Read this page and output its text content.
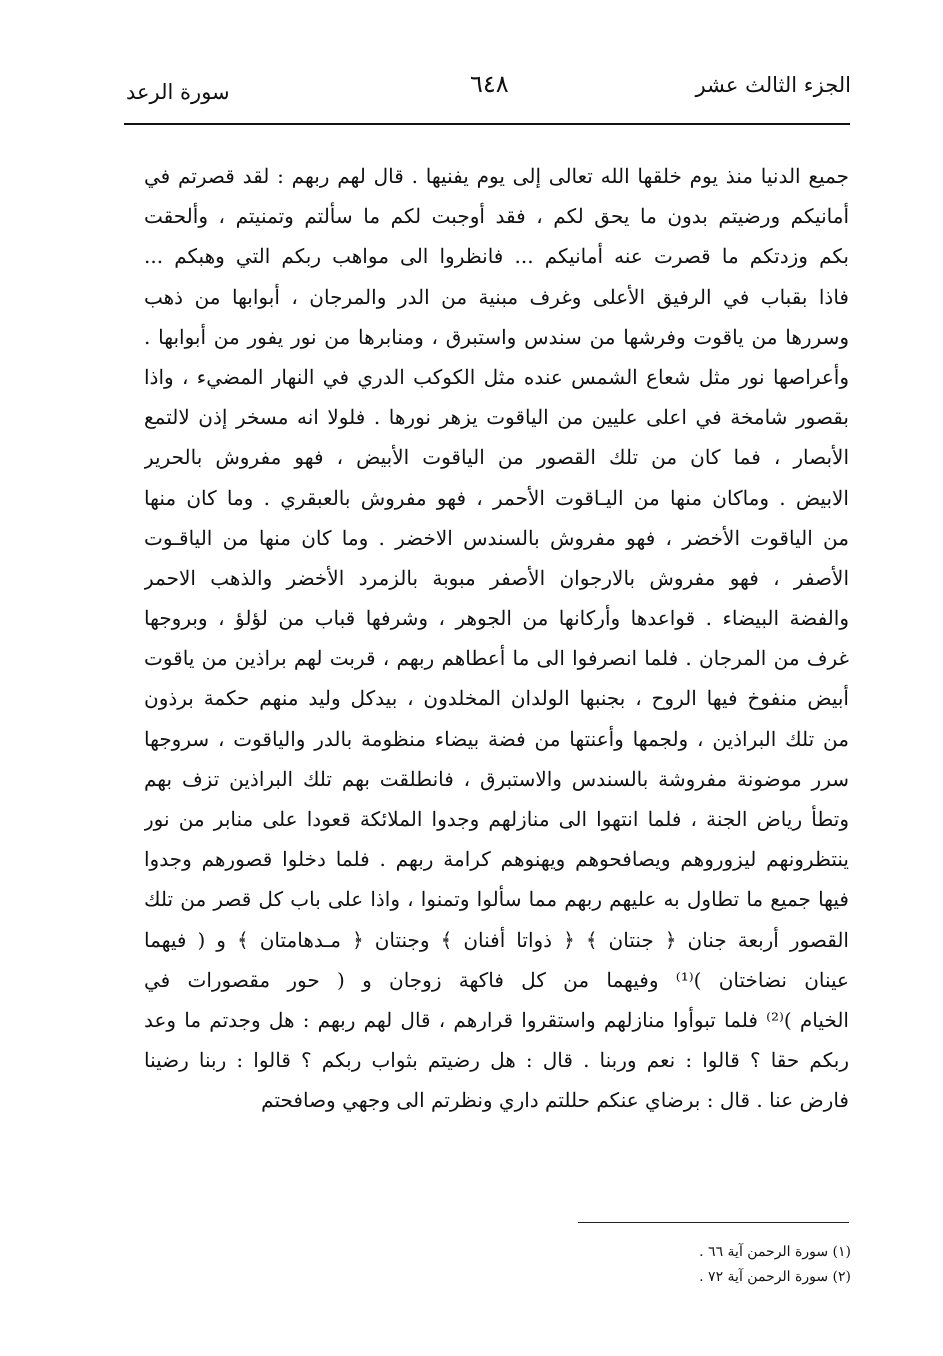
الجزء الثالث عشر
٦٤٨
سورة الرعد
جميع الدنيا منذ يوم خلقها الله تعالى إلى يوم يفنيها . قال لهم ربهم : لقد قصرتم في
أمانيكم ورضيتم بدون ما يحق لكم ، فقد أوجبت لكم ما سألتم وتمنيتم ، وألحقت
بكم وزدتكم ما قصرت عنه أمانيكم ... فانظروا الى مواهب ربكم التي وهبكم ...
فاذا بقباب في الرفيق الأعلى وغرف مبنية من الدر والمرجان ، أبوابها من ذهب
وسررها من ياقوت وفرشها من سندس واستبرق ، ومنابرها من نور يفور من أبوابها .
وأعراصها نور مثل شعاع الشمس عنده مثل الكوكب الدري في النهار المضيء ، واذا
بقصور شامخة في اعلى عليين من الياقوت يزهر نورها . فلولا انه مسخر إذن لالتمع
الأبصار ، فما كان من تلك القصور من الياقوت الأبيض ، فهو مفروش بالحرير
الابيض . وماكان منها من اليـاقوت الأحمر ، فهو مفروش بالعبقري . وما كان منها
من الياقوت الأخضر ، فهو مفروش بالسندس الاخضر . وما كان منها من الياقـوت
الأصفر ، فهو مفروش بالارجوان الأصفر مبوبة بالزمرد الأخضر والذهب الاحمر
والفضة البيضاء . قواعدها وأركانها من الجوهر ، وشرفها قباب من لؤلؤ ، وبروجها
غرف من المرجان . فلما انصرفوا الى ما أعطاهم ربهم ، قربت لهم براذين من ياقوت
أبيض منفوخ فيها الروح ، بجنبها الولدان المخلدون ، بيدكل وليد منهم حكمة برذون
من تلك البراذين ، ولجمها وأعنتها من فضة بيضاء منظومة بالدر والياقوت ، سروجها
سرر موضونة مفروشة بالسندس والاستبرق ، فانطلقت بهم تلك البراذين تزف بهم
وتطأ رياض الجنة ، فلما انتهوا الى منازلهم وجدوا الملائكة قعودا على منابر من نور
ينتظرونهم ليزوروهم ويصافحوهم ويهنوهم كرامة ربهم . فلما دخلوا قصورهم وجدوا
فيها جميع ما تطاول به عليهم ربهم مما سألوا وتمنوا ، واذا على باب كل قصر من تلك
القصور أربعة جنان ﴿ جنتان ﴾ ﴿ ذواتا أفنان ﴾ وجنتان ﴿ مـدهامتان ﴾ و ( فيهما
عينان نضاختان )⁽¹⁾ وفيهما من كل فاكهة زوجان و ( حور مقصورات في
الخيام )⁽²⁾ فلما تبوأوا منازلهم واستقروا قرارهم ، قال لهم ربهم : هل وجدتم ما وعد
ربكم حقا ؟ قالوا : نعم وربنا . قال : هل رضيتم بثواب ربكم ؟ قالوا : ربنا رضينا
فارض عنا . قال : برضاي عنكم حللتم داري ونظرتم الى وجهي وصافحتم
(١) سورة الرحمن آية ٦٦ .
(٢) سورة الرحمن آية ٧٢ .
